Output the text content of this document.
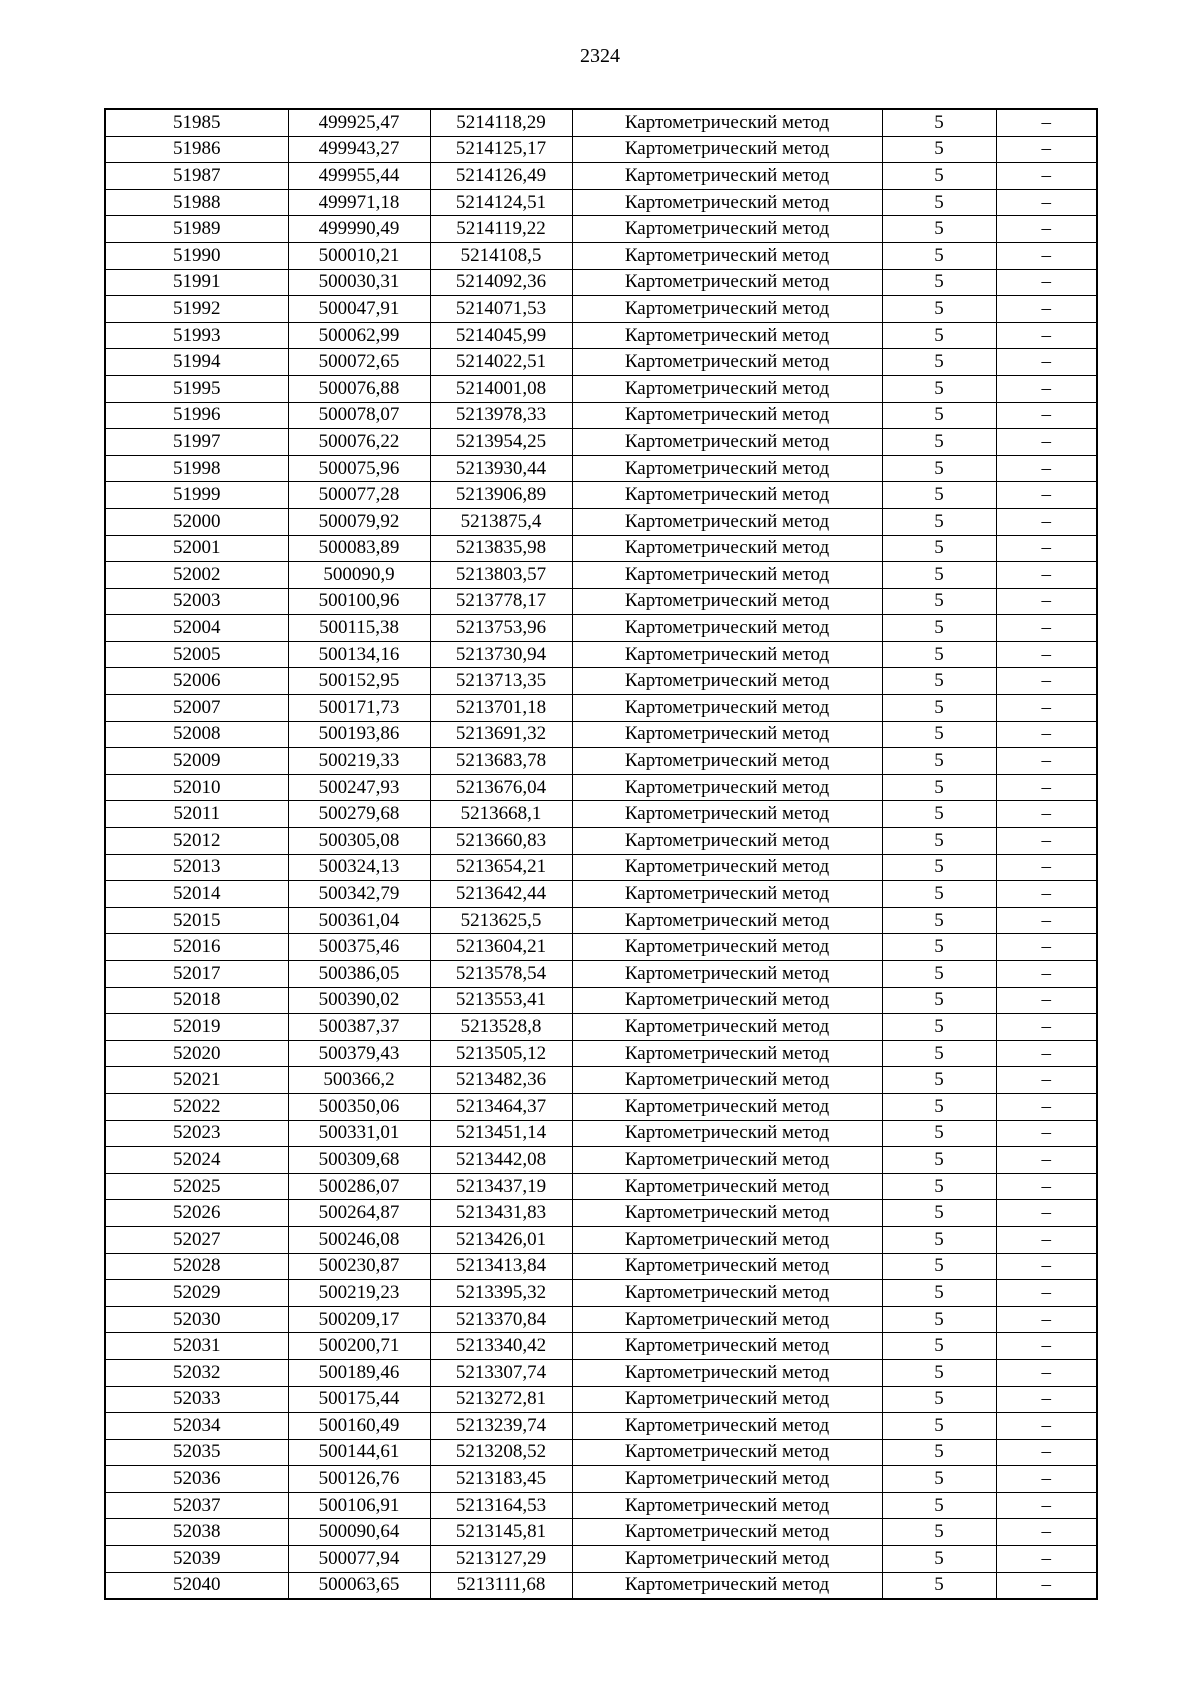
2324
51985	499925,47	5214118,29	Картометрический метод	5	–
51986	499943,27	5214125,17	Картометрический метод	5	–
51987	499955,44	5214126,49	Картометрический метод	5	–
51988	499971,18	5214124,51	Картометрический метод	5	–
51989	499990,49	5214119,22	Картометрический метод	5	–
51990	500010,21	5214108,5	Картометрический метод	5	–
51991	500030,31	5214092,36	Картометрический метод	5	–
51992	500047,91	5214071,53	Картометрический метод	5	–
51993	500062,99	5214045,99	Картометрический метод	5	–
51994	500072,65	5214022,51	Картометрический метод	5	–
51995	500076,88	5214001,08	Картометрический метод	5	–
51996	500078,07	5213978,33	Картометрический метод	5	–
51997	500076,22	5213954,25	Картометрический метод	5	–
51998	500075,96	5213930,44	Картометрический метод	5	–
51999	500077,28	5213906,89	Картометрический метод	5	–
52000	500079,92	5213875,4	Картометрический метод	5	–
52001	500083,89	5213835,98	Картометрический метод	5	–
52002	500090,9	5213803,57	Картометрический метод	5	–
52003	500100,96	5213778,17	Картометрический метод	5	–
52004	500115,38	5213753,96	Картометрический метод	5	–
52005	500134,16	5213730,94	Картометрический метод	5	–
52006	500152,95	5213713,35	Картометрический метод	5	–
52007	500171,73	5213701,18	Картометрический метод	5	–
52008	500193,86	5213691,32	Картометрический метод	5	–
52009	500219,33	5213683,78	Картометрический метод	5	–
52010	500247,93	5213676,04	Картометрический метод	5	–
52011	500279,68	5213668,1	Картометрический метод	5	–
52012	500305,08	5213660,83	Картометрический метод	5	–
52013	500324,13	5213654,21	Картометрический метод	5	–
52014	500342,79	5213642,44	Картометрический метод	5	–
52015	500361,04	5213625,5	Картометрический метод	5	–
52016	500375,46	5213604,21	Картометрический метод	5	–
52017	500386,05	5213578,54	Картометрический метод	5	–
52018	500390,02	5213553,41	Картометрический метод	5	–
52019	500387,37	5213528,8	Картометрический метод	5	–
52020	500379,43	5213505,12	Картометрический метод	5	–
52021	500366,2	5213482,36	Картометрический метод	5	–
52022	500350,06	5213464,37	Картометрический метод	5	–
52023	500331,01	5213451,14	Картометрический метод	5	–
52024	500309,68	5213442,08	Картометрический метод	5	–
52025	500286,07	5213437,19	Картометрический метод	5	–
52026	500264,87	5213431,83	Картометрический метод	5	–
52027	500246,08	5213426,01	Картометрический метод	5	–
52028	500230,87	5213413,84	Картометрический метод	5	–
52029	500219,23	5213395,32	Картометрический метод	5	–
52030	500209,17	5213370,84	Картометрический метод	5	–
52031	500200,71	5213340,42	Картометрический метод	5	–
52032	500189,46	5213307,74	Картометрический метод	5	–
52033	500175,44	5213272,81	Картометрический метод	5	–
52034	500160,49	5213239,74	Картометрический метод	5	–
52035	500144,61	5213208,52	Картометрический метод	5	–
52036	500126,76	5213183,45	Картометрический метод	5	–
52037	500106,91	5213164,53	Картометрический метод	5	–
52038	500090,64	5213145,81	Картометрический метод	5	–
52039	500077,94	5213127,29	Картометрический метод	5	–
52040	500063,65	5213111,68	Картометрический метод	5	–
